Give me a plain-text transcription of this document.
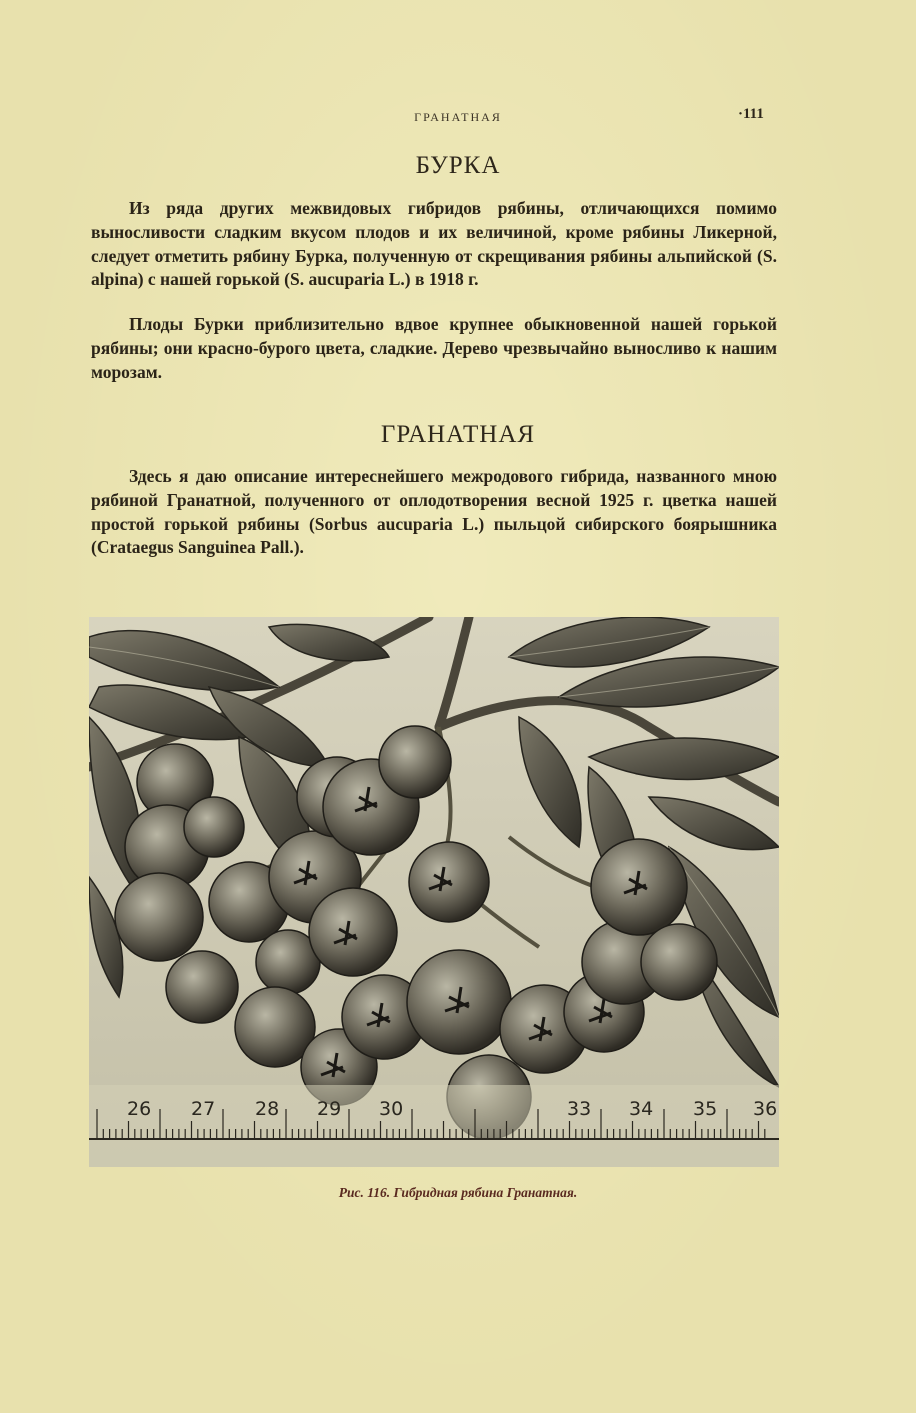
ГРАНАТНАЯ	·111
БУРКА

Из ряда других межвидовых гибридов рябины, отличающихся помимо выносливости сладким вкусом плодов и их величиной, кроме рябины Ликерной, следует отметить рябину Бурка, полученную от скрещивания рябины альпийской (S. alpina) с нашей горькой (S. aucuparia L.) в 1918 г.

Плоды Бурки приблизительно вдвое крупнее обыкновенной нашей горькой рябины; они красно-бурого цвета, сладкие. Дерево чрезвычайно выносливо к нашим морозам.

ГРАНАТНАЯ

Здесь я даю описание интереснейшего межродового гибрида, названного мною рябиной Гранатной, полученного от оплодотворения весной 1925 г. цветка нашей простой горькой рябины (Sorbus aucuparia L.) пыльцой сибирского боярышника (Crataegus Sanguinea Pall.).

26 27 28 29 30	33 34 35 36
Рис. 116. Гибридная рябина Гранатная.
